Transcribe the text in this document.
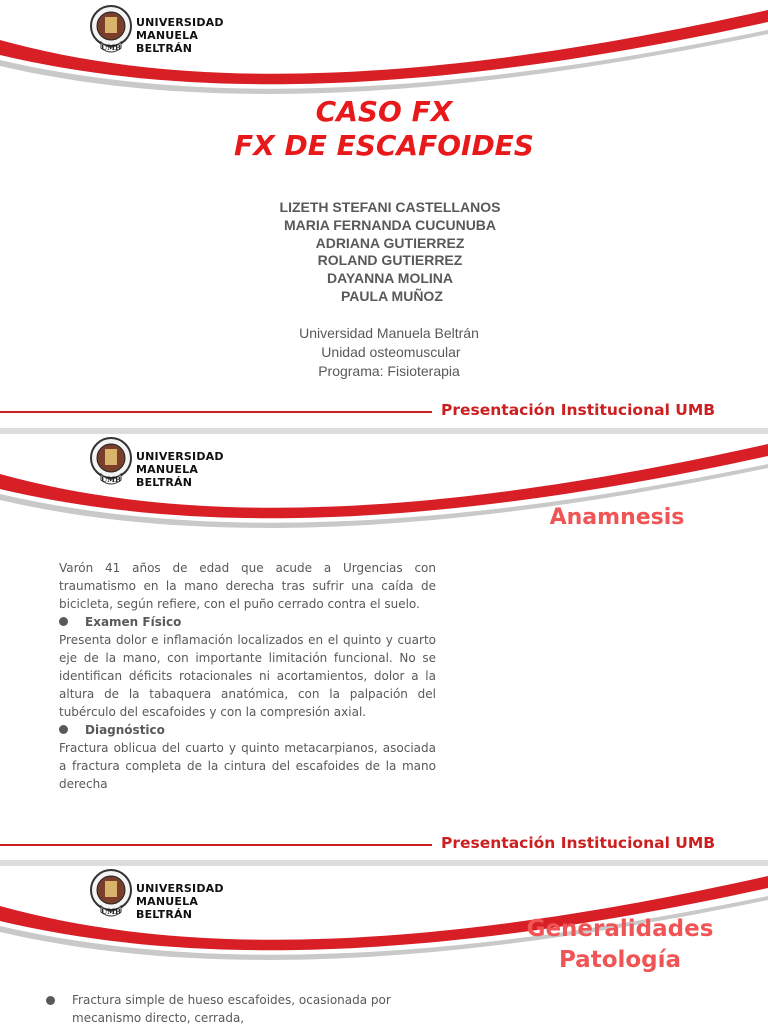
UMB
UNIVERSIDAD
MANUELA BELTRÁN
CASO FX
FX DE ESCAFOIDES
LIZETH STEFANI CASTELLANOS
MARIA FERNANDA CUCUNUBA
ADRIANA GUTIERREZ
ROLAND GUTIERREZ
DAYANNA MOLINA
PAULA MUÑOZ
Universidad Manuela Beltrán
Unidad osteomuscular
Programa: Fisioterapia
Presentación Institucional UMB
UMB
UNIVERSIDAD
MANUELA BELTRÁN
Anamnesis

Varón 41 años de edad que acude a Urgencias con traumatismo en la mano derecha tras sufrir una caída de bicicleta, según refiere, con el puño cerrado contra el suelo.

Examen Físico

Presenta dolor e inflamación localizados en el quinto y cuarto eje de la mano, con importante limitación funcional. No se identifican déficits rotacionales ni acortamientos, dolor a la altura de la tabaquera anatómica, con la palpación del tubérculo del escafoides y con la compresión axial.

Diagnóstico

Fractura oblicua del cuarto y quinto metacarpianos, asociada a fractura completa de la cintura del escafoides de la mano derecha

Presentación Institucional UMB
UMB
UNIVERSIDAD
MANUELA BELTRÁN
Generalidades
Patología
Fractura simple de hueso escafoides, ocasionada por mecanismo directo, cerrada,
